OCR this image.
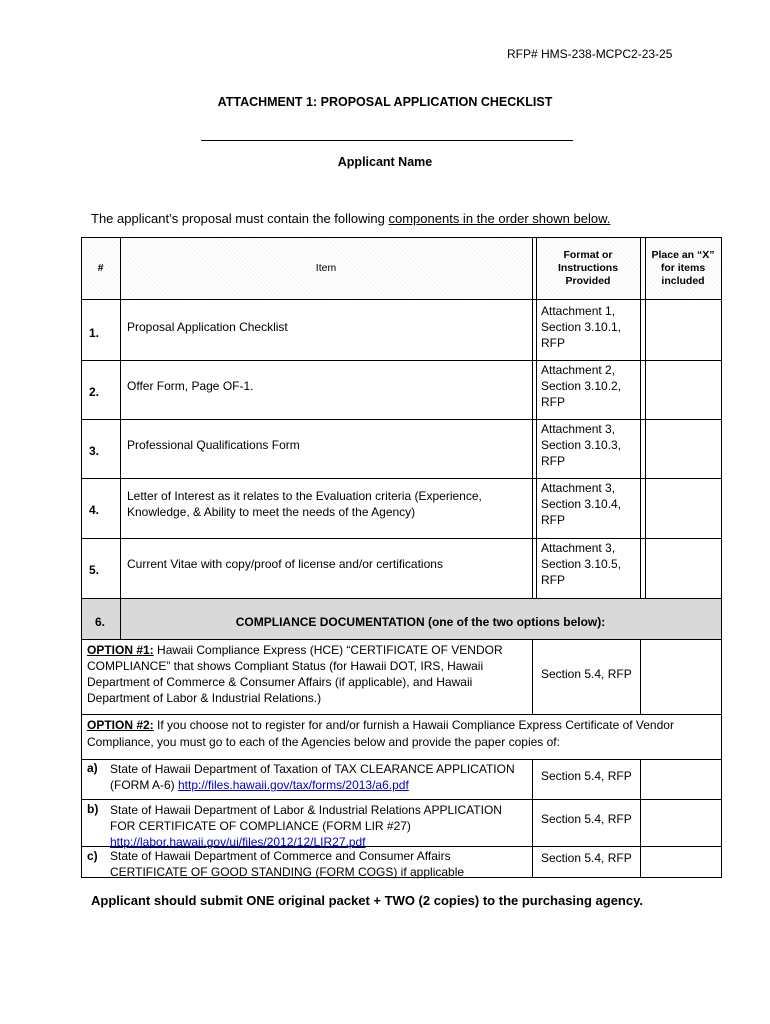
RFP# HMS-238-MCPC2-23-25
ATTACHMENT 1: PROPOSAL APPLICATION CHECKLIST
Applicant Name
The applicant’s proposal must contain the following components in the order shown below.
#	Item
Format or Instructions Provided
Place an “X” for items included
1. Proposal Application Checklist
Attachment 1,
Section 3.10.1,
RFP
2. Offer Form, Page OF-1.
Attachment 2,
Section 3.10.2,
RFP
3. Professional Qualifications Form
Attachment 3,
Section 3.10.3,
RFP
4.
Letter of Interest as it relates to the Evaluation criteria (Experience, Knowledge, & Ability to meet the needs of the Agency)
Attachment 3,
Section 3.10.4,
RFP
5. Current Vitae with copy/proof of license and/or certifications
Attachment 3,
Section 3.10.5,
RFP
6.	COMPLIANCE DOCUMENTATION (one of the two options below):
OPTION #1: Hawaii Compliance Express (HCE) “CERTIFICATE OF VENDOR COMPLIANCE” that shows Compliant Status (for Hawaii DOT, IRS, Hawaii Department of Commerce & Consumer Affairs (if applicable), and Hawaii Department of Labor & Industrial Relations.)
Section 5.4, RFP
OPTION #2: If you choose not to register for and/or furnish a Hawaii Compliance Express Certificate of Vendor Compliance, you must go to each of the Agencies below and provide the paper copies of:
a) State of Hawaii Department of Taxation of TAX CLEARANCE APPLICATION (FORM A-6) http://files.hawaii.gov/tax/forms/2013/a6.pdf
Section 5.4, RFP
b) State of Hawaii Department of Labor & Industrial Relations APPLICATION FOR CERTIFICATE OF COMPLIANCE (FORM LIR #27) http://labor.hawaii.gov/ui/files/2012/12/LIR27.pdf
Section 5.4, RFP
c) State of Hawaii Department of Commerce and Consumer Affairs CERTIFICATE OF GOOD STANDING (FORM COGS) if applicable
Section 5.4, RFP
Applicant should submit ONE original packet + TWO (2 copies) to the purchasing agency.
